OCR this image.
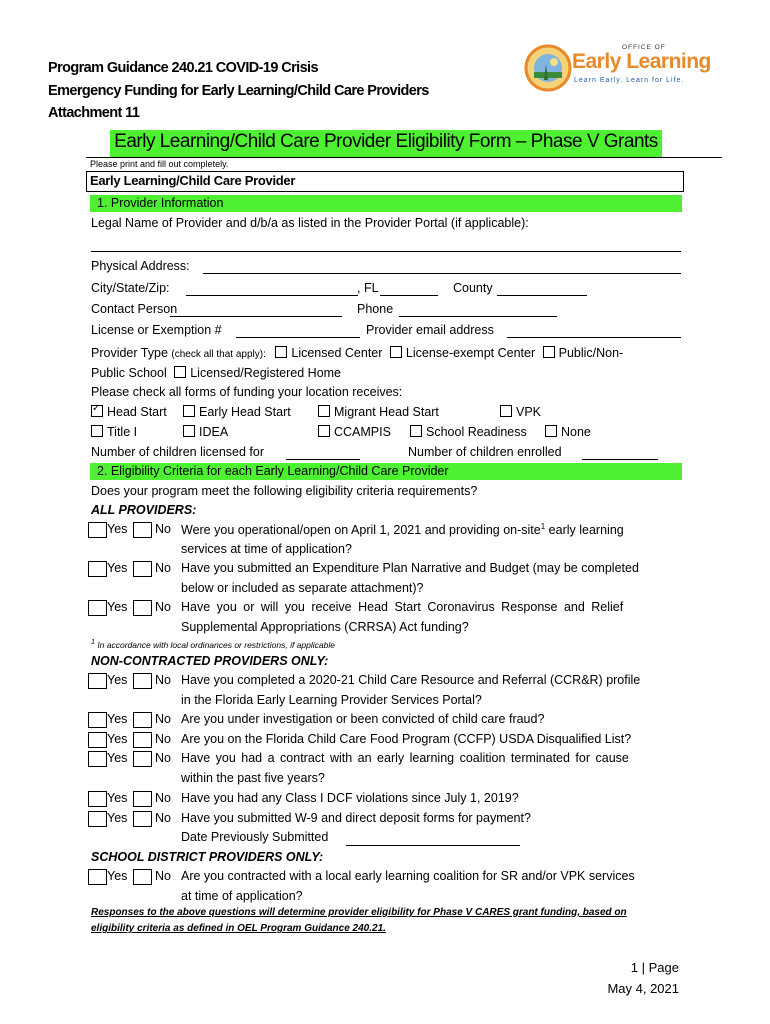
Program Guidance 240.21 COVID-19 Crisis
Emergency Funding for Early Learning/Child Care Providers
Attachment 11
OFFICE OF
Early Learning
Learn Early. Learn for Life.
Early Learning/Child Care Provider Eligibility Form – Phase V Grants
Please print and fill out completely.
Early Learning/Child Care Provider
1. Provider Information
Legal Name of Provider and d/b/a as listed in the Provider Portal (if applicable):
Physical Address:
City/State/Zip:	, FL	County
Contact Person	Phone
License or Exemption #	Provider email address
Provider Type (check all that apply): Licensed Center License-exempt Center Public/Non-
Public School Licensed/Registered Home
Please check all forms of funding your location receives:
✓Head Start	Early Head Start	Migrant Head Start	VPK
Title I	IDEA	CCAMPIS	School Readiness	None
Number of children licensed for	Number of children enrolled
2. Eligibility Criteria for each Early Learning/Child Care Provider
Does your program meet the following eligibility criteria requirements?
ALL PROVIDERS:
Yes No Were you operational/open on April 1, 2021 and providing on-site$^1$ early learning
services at time of application?
Yes No Have you submitted an Expenditure Plan Narrative and Budget (may be completed
below or included as separate attachment)?
Yes No Have you or will you receive Head Start Coronavirus Response and Relief
Supplemental Appropriations (CRRSA) Act funding?
$^1$ In accordance with local ordinances or restrictions, if applicable
NON-CONTRACTED PROVIDERS ONLY:
Yes No Have you completed a 2020-21 Child Care Resource and Referral (CCR&R) profile
in the Florida Early Learning Provider Services Portal?
Yes No Are you under investigation or been convicted of child care fraud?
Yes No Are you on the Florida Child Care Food Program (CCFP) USDA Disqualified List?
Yes No Have you had a contract with an early learning coalition terminated for cause
within the past five years?
Yes No Have you had any Class I DCF violations since July 1, 2019?
Yes No Have you submitted W-9 and direct deposit forms for payment?
Date Previously Submitted
SCHOOL DISTRICT PROVIDERS ONLY:
Yes No Are you contracted with a local early learning coalition for SR and/or VPK services
at time of application?
Responses to the above questions will determine provider eligibility for Phase V CARES grant funding, based on
eligibility criteria as defined in OEL Program Guidance 240.21.
1 | Page
May 4, 2021
